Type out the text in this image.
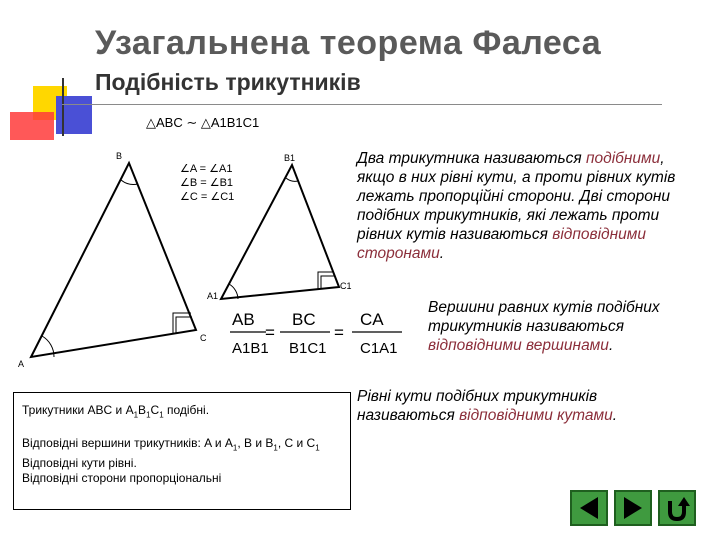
Узагальнена теорема Фалеса
Подібність трикутників
△ABC ∼ △A1B1C1
B
A
C
B1
A1
C1
∠A = ∠A1
∠B = ∠B1
∠C = ∠C1
AB
A1B1
=
BC
B1C1
=
CA
C1A1
Два трикутника називаються подібними, якщо в них рівні кути, а проти рівних кутів лежать пропорційні сторони. Дві сторони подібних трикутників, які лежать проти рівних кутів називаються відповідними сторонами.
Вершини равних кутів подібних трикутників називаються відповідними вершинами.
Рівні кути подібних трикутників називаються відповідними кутами.

Трикутники ABC и $A_1B_1C_1$ подібні.

Відповідні вершини трикутників: A и $A_1$, B и $B_1$, C и $C_1$

Відповідні кути рівні.

Відповідні сторони пропорціональні
